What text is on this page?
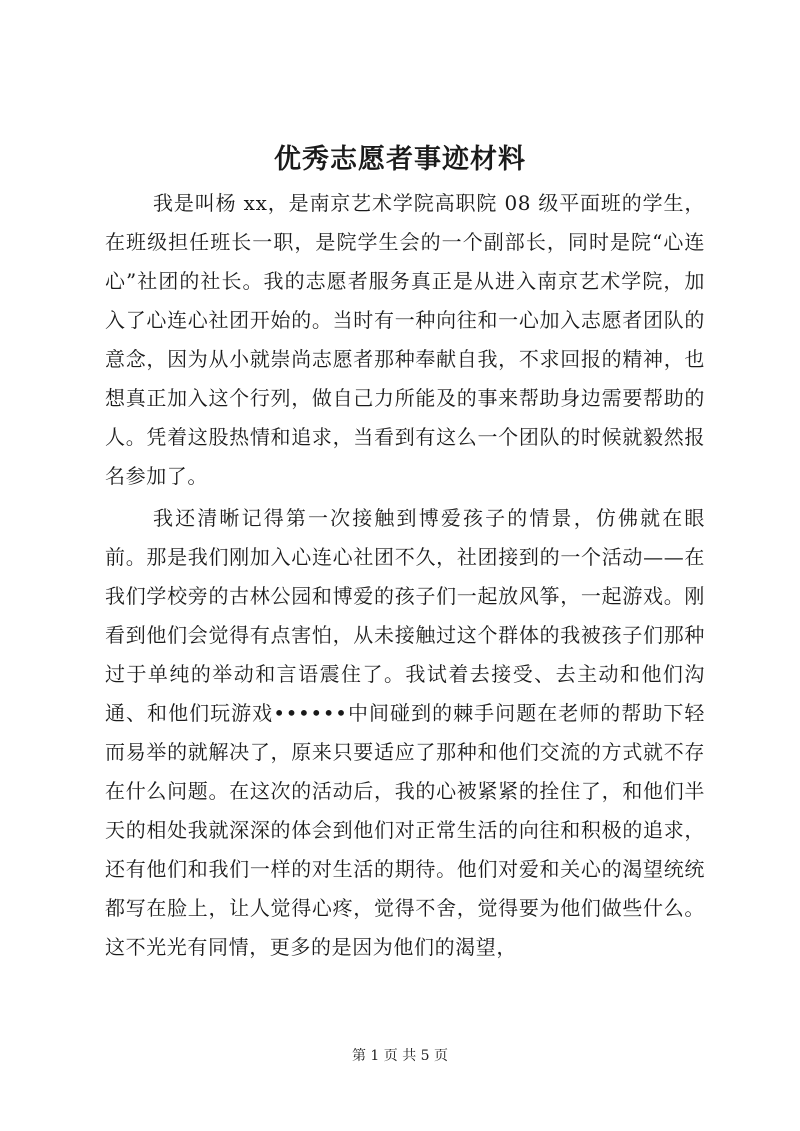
优秀志愿者事迹材料

我是叫杨 xx，是南京艺术学院高职院 08 级平面班的学生，在班级担任班长一职，是院学生会的一个副部长，同时是院“心连心”社团的社长。我的志愿者服务真正是从进入南京艺术学院，加入了心连心社团开始的。当时有一种向往和一心加入志愿者团队的意念，因为从小就崇尚志愿者那种奉献自我，不求回报的精神，也想真正加入这个行列，做自己力所能及的事来帮助身边需要帮助的人。凭着这股热情和追求，当看到有这么一个团队的时候就毅然报名参加了。

我还清晰记得第一次接触到博爱孩子的情景，仿佛就在眼前。那是我们刚加入心连心社团不久，社团接到的一个活动——在我们学校旁的古林公园和博爱的孩子们一起放风筝，一起游戏。刚看到他们会觉得有点害怕，从未接触过这个群体的我被孩子们那种过于单纯的举动和言语震住了。我试着去接受、去主动和他们沟通、和他们玩游戏••••••中间碰到的棘手问题在老师的帮助下轻而易举的就解决了，原来只要适应了那种和他们交流的方式就不存在什么问题。在这次的活动后，我的心被紧紧的拴住了，和他们半天的相处我就深深的体会到他们对正常生活的向往和积极的追求，还有他们和我们一样的对生活的期待。他们对爱和关心的渴望统统都写在脸上，让人觉得心疼，觉得不舍，觉得要为他们做些什么。这不光光有同情，更多的是因为他们的渴望，

第 1 页 共 5 页
